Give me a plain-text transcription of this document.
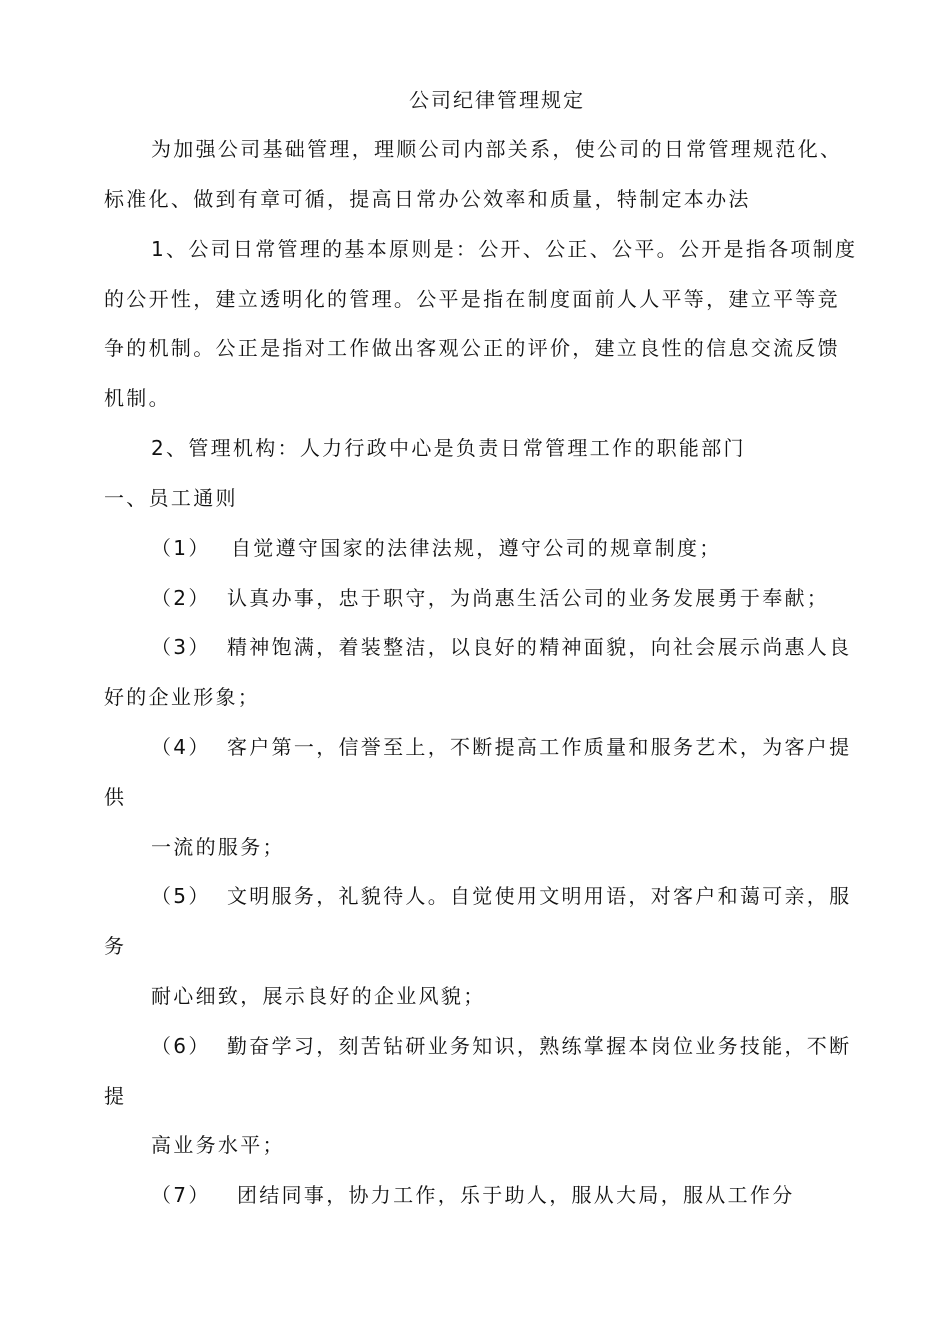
公司纪律管理规定
为加强公司基础管理，理顺公司内部关系，使公司的日常管理规范化、
标准化、做到有章可循，提高日常办公效率和质量，特制定本办法
1、公司日常管理的基本原则是：公开、公正、公平。公开是指各项制度
的公开性，建立透明化的管理。公平是指在制度面前人人平等，建立平等竞
争的机制。公正是指对工作做出客观公正的评价，建立良性的信息交流反馈
机制。
2、管理机构：人力行政中心是负责日常管理工作的职能部门
一、员工通则
（1） 自觉遵守国家的法律法规，遵守公司的规章制度；
（2） 认真办事，忠于职守，为尚惠生活公司的业务发展勇于奉献；
（3） 精神饱满，着装整洁，以良好的精神面貌，向社会展示尚惠人良
好的企业形象；
（4） 客户第一，信誉至上，不断提高工作质量和服务艺术，为客户提
供
一流的服务；
（5） 文明服务，礼貌待人。自觉使用文明用语，对客户和蔼可亲，服
务
耐心细致，展示良好的企业风貌；
（6） 勤奋学习，刻苦钻研业务知识，熟练掌握本岗位业务技能，不断
提
高业务水平；
（7） 团结同事，协力工作，乐于助人，服从大局，服从工作分
